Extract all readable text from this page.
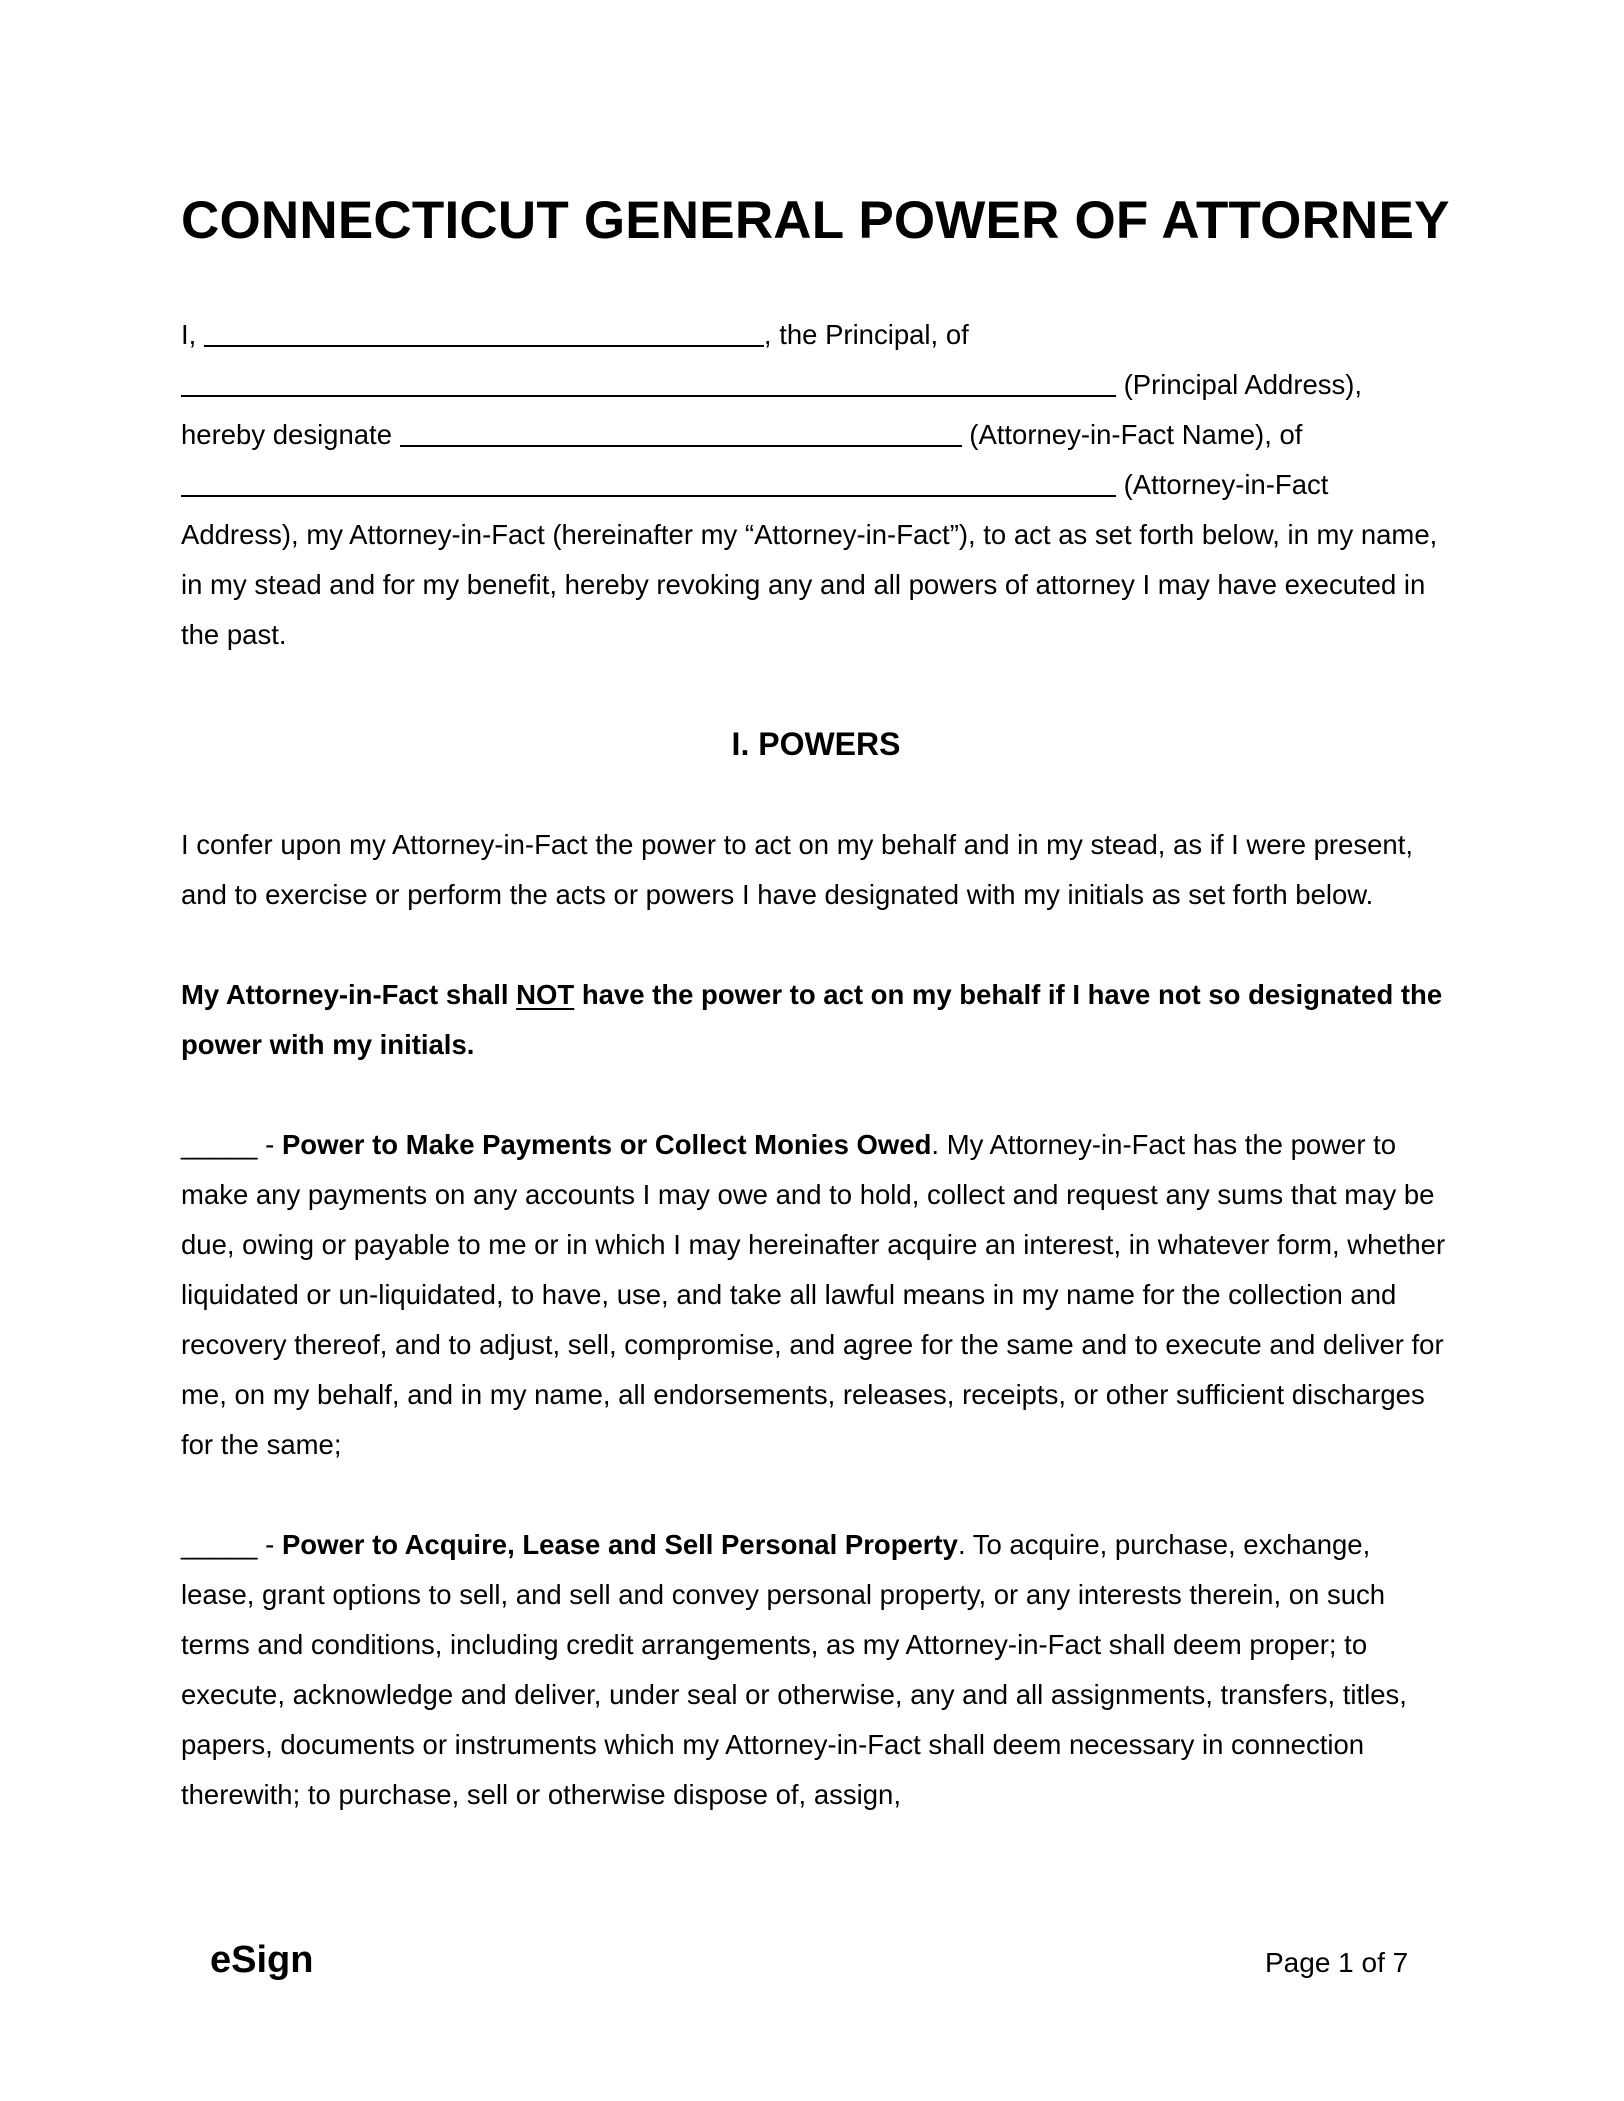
CONNECTICUT GENERAL POWER OF ATTORNEY
I,	, the Principal, of
(Principal Address),
hereby designate	(Attorney-in-Fact Name), of
(Attorney-in-Fact

Address), my Attorney-in-Fact (hereinafter my “Attorney-in-Fact”), to act as set forth below, in my name, in my stead and for my benefit, hereby revoking any and all powers of attorney I may have executed in the past.

I. POWERS

I confer upon my Attorney-in-Fact the power to act on my behalf and in my stead, as if I were present, and to exercise or perform the acts or powers I have designated with my initials as set forth below.

My Attorney-in-Fact shall NOT have the power to act on my behalf if I have not so designated the power with my initials.
_____ - Power to Make Payments or Collect Monies Owed. My Attorney-in-Fact has the power to make any payments on any accounts I may owe and to hold, collect and request any sums that may be due, owing or payable to me or in which I may hereinafter acquire an interest, in whatever form, whether liquidated or un-liquidated, to have, use, and take all lawful means in my name for the collection and recovery thereof, and to adjust, sell, compromise, and agree for the same and to execute and deliver for me, on my behalf, and in my name, all endorsements, releases, receipts, or other sufficient discharges for the same;
_____ - Power to Acquire, Lease and Sell Personal Property. To acquire, purchase, exchange, lease, grant options to sell, and sell and convey personal property, or any interests therein, on such terms and conditions, including credit arrangements, as my Attorney-in-Fact shall deem proper; to execute, acknowledge and deliver, under seal or otherwise, any and all assignments, transfers, titles, papers, documents or instruments which my Attorney-in-Fact shall deem necessary in connection therewith; to purchase, sell or otherwise dispose of, assign,
eSign	Page 1 of 7
